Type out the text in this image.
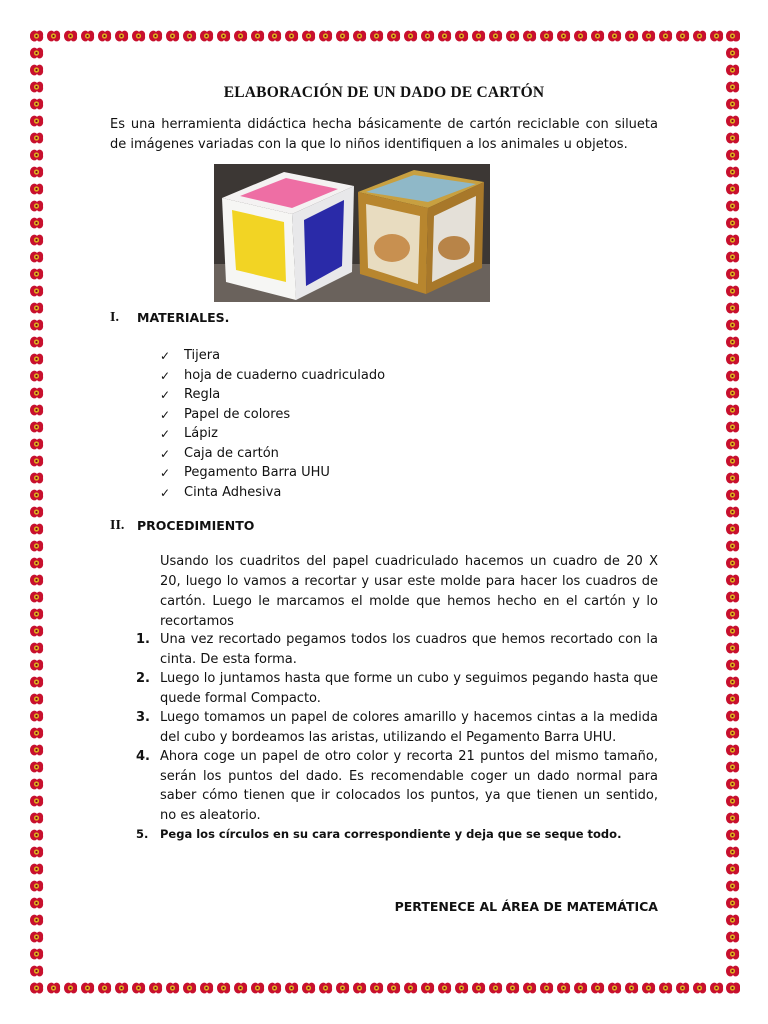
ELABORACIÓN DE UN DADO DE CARTÓN

Es una herramienta didáctica hecha básicamente de cartón reciclable con silueta de imágenes variadas con la que lo niños identifiquen a los animales u objetos.

I. MATERIALES.
✓ Tijera
✓ hoja de cuaderno cuadriculado
✓ Regla
✓ Papel de colores
✓ Lápiz
✓ Caja de cartón
✓ Pegamento Barra UHU
✓ Cinta Adhesiva
II. PROCEDIMIENTO

Usando los cuadritos del papel cuadriculado hacemos un cuadro de 20 X 20, luego lo vamos a recortar y usar este molde para hacer los cuadros de cartón. Luego le marcamos el molde que hemos hecho en el cartón y lo recortamos

1. Una vez recortado pegamos todos los cuadros que hemos recortado con la cinta. De esta forma.
2. Luego lo juntamos hasta que forme un cubo y seguimos pegando hasta que quede formal Compacto.
3. Luego tomamos un papel de colores amarillo y hacemos cintas a la medida del cubo y bordeamos las aristas, utilizando el Pegamento Barra UHU.
4. Ahora coge un papel de otro color y recorta 21 puntos del mismo tamaño, serán los puntos del dado. Es recomendable coger un dado normal para saber cómo tienen que ir colocados los puntos, ya que tienen un sentido, no es aleatorio.
5. Pega los círculos en su cara correspondiente y deja que se seque todo.
PERTENECE AL ÁREA DE MATEMÁTICA
